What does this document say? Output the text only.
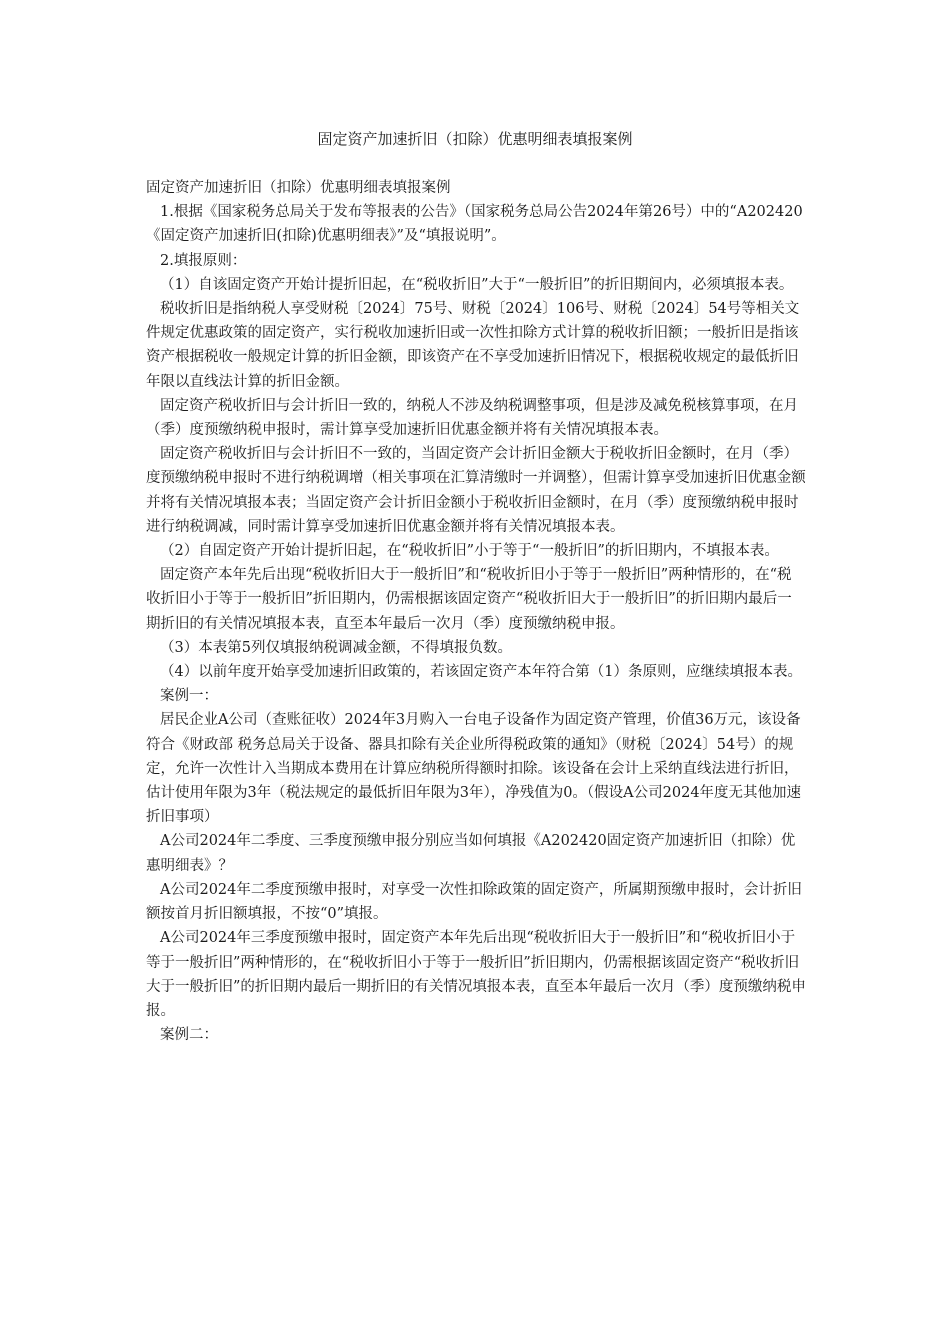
固定资产加速折旧（扣除）优惠明细表填报案例

固定资产加速折旧（扣除）优惠明细表填报案例

1.根据《国家税务总局关于发布等报表的公告》（国家税务总局公告2024年第26号）中的“A202420《固定资产加速折旧(扣除)优惠明细表》”及“填报说明”。

2.填报原则：

（1）自该固定资产开始计提折旧起，在“税收折旧”大于“一般折旧”的折旧期间内，必须填报本表。

税收折旧是指纳税人享受财税〔2024〕75号、财税〔2024〕106号、财税〔2024〕54号等相关文件规定优惠政策的固定资产，实行税收加速折旧或一次性扣除方式计算的税收折旧额；一般折旧是指该资产根据税收一般规定计算的折旧金额，即该资产在不享受加速折旧情况下，根据税收规定的最低折旧年限以直线法计算的折旧金额。

固定资产税收折旧与会计折旧一致的，纳税人不涉及纳税调整事项，但是涉及减免税核算事项，在月（季）度预缴纳税申报时，需计算享受加速折旧优惠金额并将有关情况填报本表。

固定资产税收折旧与会计折旧不一致的，当固定资产会计折旧金额大于税收折旧金额时，在月（季）度预缴纳税申报时不进行纳税调增（相关事项在汇算清缴时一并调整），但需计算享受加速折旧优惠金额并将有关情况填报本表；当固定资产会计折旧金额小于税收折旧金额时，在月（季）度预缴纳税申报时进行纳税调减，同时需计算享受加速折旧优惠金额并将有关情况填报本表。

（2）自固定资产开始计提折旧起，在“税收折旧”小于等于“一般折旧”的折旧期内，不填报本表。

固定资产本年先后出现“税收折旧大于一般折旧”和“税收折旧小于等于一般折旧”两种情形的，在“税收折旧小于等于一般折旧”折旧期内，仍需根据该固定资产“税收折旧大于一般折旧”的折旧期内最后一期折旧的有关情况填报本表，直至本年最后一次月（季）度预缴纳税申报。

（3）本表第5列仅填报纳税调减金额，不得填报负数。

（4）以前年度开始享受加速折旧政策的，若该固定资产本年符合第（1）条原则，应继续填报本表。

案例一：

居民企业A公司（查账征收）2024年3月购入一台电子设备作为固定资产管理，价值36万元，该设备符合《财政部 税务总局关于设备、器具扣除有关企业所得税政策的通知》（财税〔2024〕54号）的规定，允许一次性计入当期成本费用在计算应纳税所得额时扣除。该设备在会计上采纳直线法进行折旧，估计使用年限为3年（税法规定的最低折旧年限为3年），净残值为0。（假设A公司2024年度无其他加速折旧事项）

A公司2024年二季度、三季度预缴申报分别应当如何填报《A202420固定资产加速折旧（扣除）优惠明细表》？

A公司2024年二季度预缴申报时，对享受一次性扣除政策的固定资产，所属期预缴申报时，会计折旧额按首月折旧额填报，不按“0”填报。

A公司2024年三季度预缴申报时，固定资产本年先后出现“税收折旧大于一般折旧”和“税收折旧小于等于一般折旧”两种情形的，在“税收折旧小于等于一般折旧”折旧期内，仍需根据该固定资产“税收折旧大于一般折旧”的折旧期内最后一期折旧的有关情况填报本表，直至本年最后一次月（季）度预缴纳税申报。

案例二：
